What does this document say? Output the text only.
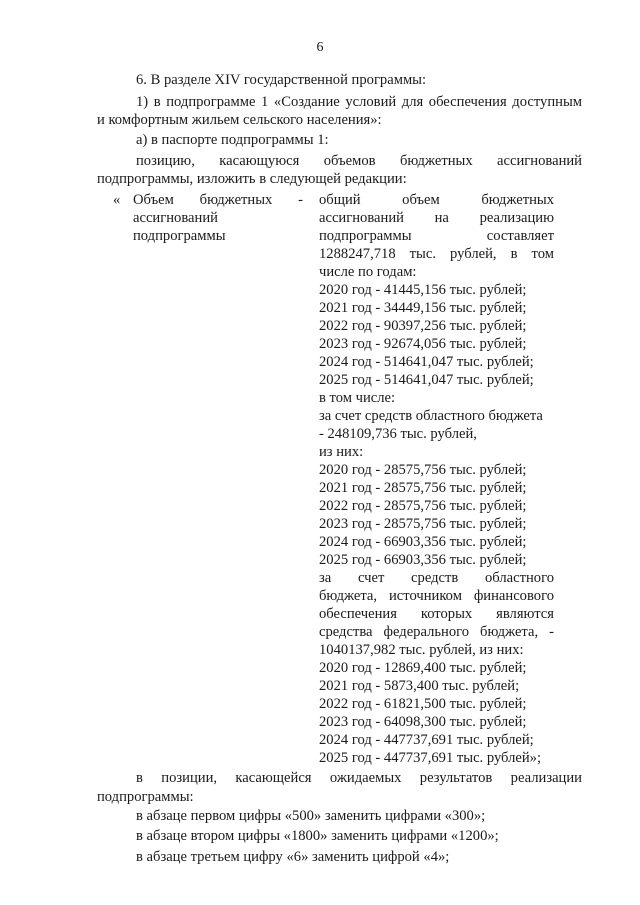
6
6. В разделе XIV государственной программы:
1) в подпрограмме 1 «Создание условий для обеспечения доступным
и комфортным жильем сельского населения»:
а) в паспорте подпрограммы 1:
позицию, касающуюся объемов бюджетных ассигнований
подпрограммы, изложить в следующей редакции:
« Объем бюджетных -
ассигнований
подпрограммы
общий объем бюджетных
ассигнований на реализацию
подпрограммы составляет
1288247,718 тыс. рублей, в том
числе по годам:
2020 год - 41445,156 тыс. рублей;
2021 год - 34449,156 тыс. рублей;
2022 год - 90397,256 тыс. рублей;
2023 год - 92674,056 тыс. рублей;
2024 год - 514641,047 тыс. рублей;
2025 год - 514641,047 тыс. рублей;
в том числе:
за счет средств областного бюджета
- 248109,736 тыс. рублей,
из них:
2020 год - 28575,756 тыс. рублей;
2021 год - 28575,756 тыс. рублей;
2022 год - 28575,756 тыс. рублей;
2023 год - 28575,756 тыс. рублей;
2024 год - 66903,356 тыс. рублей;
2025 год - 66903,356 тыс. рублей;
за счет средств областного
бюджета, источником финансового
обеспечения которых являются
средства федерального бюджета, -
1040137,982 тыс. рублей, из них:
2020 год - 12869,400 тыс. рублей;
2021 год - 5873,400 тыс. рублей;
2022 год - 61821,500 тыс. рублей;
2023 год - 64098,300 тыс. рублей;
2024 год - 447737,691 тыс. рублей;
2025 год - 447737,691 тыс. рублей»;
в позиции, касающейся ожидаемых результатов реализации
подпрограммы:
в абзаце первом цифры «500» заменить цифрами «300»;
в абзаце втором цифры «1800» заменить цифрами «1200»;
в абзаце третьем цифру «6» заменить цифрой «4»;
